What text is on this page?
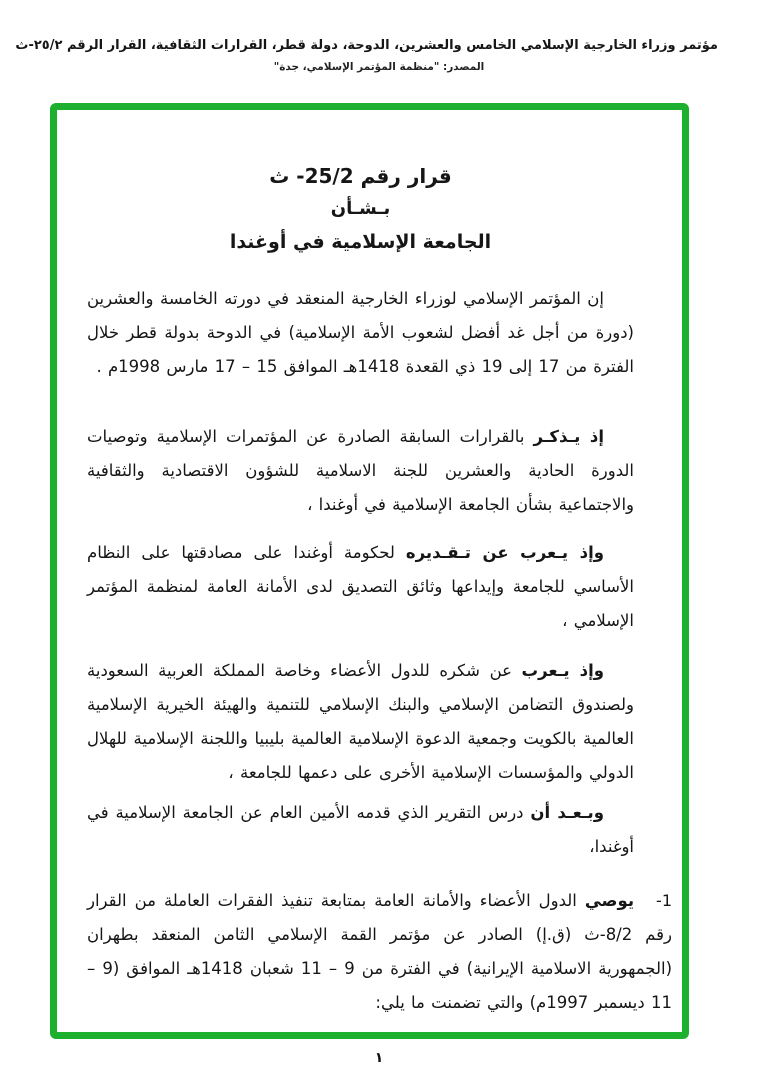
مؤتمر وزراء الخارجية الإسلامي الخامس والعشرين، الدوحة، دولة قطر، القرارات الثقافية، القرار الرقم ٢٥/٢-ث
المصدر: "منظمة المؤتمر الإسلامي، جدة"
قرار رقم 25/2- ث
بـشـأن
الجامعة الإسلامية في أوغندا

إن المؤتمر الإسلامي لوزراء الخارجية المنعقد في دورته الخامسة والعشرين (دورة من أجل غد أفضل لشعوب الأمة الإسلامية) في الدوحة بدولة قطر خلال الفترة من 17 إلى 19 ذي القعدة 1418هـ الموافق 15 – 17 مارس 1998م .

إذ يـذكـر بالقرارات السابقة الصادرة عن المؤتمرات الإسلامية وتوصيات الدورة الحادية والعشرين للجنة الاسلامية للشؤون الاقتصادية والثقافية والاجتماعية بشأن الجامعة الإسلامية في أوغندا ،

وإذ يـعرب عن تـقـديره لحكومة أوغندا على مصادقتها على النظام الأساسي للجامعة وإيداعها وثائق التصديق لدى الأمانة العامة لمنظمة المؤتمر الإسلامي ،

وإذ يـعرب عن شكره للدول الأعضاء وخاصة المملكة العربية السعودية ولصندوق التضامن الإسلامي والبنك الإسلامي للتنمية والهيئة الخيرية الإسلامية العالمية بالكويت وجمعية الدعوة الإسلامية العالمية بليبيا واللجنة الإسلامية للهلال الدولي والمؤسسات الإسلامية الأخرى على دعمها للجامعة ،

وبـعـد أن درس التقرير الذي قدمه الأمين العام عن الجامعة الإسلامية في أوغندا،

1-يوصي الدول الأعضاء والأمانة العامة بمتابعة تنفيذ الفقرات العاملة من القرار رقم 8/2-ث (ق.إ) الصادر عن مؤتمر القمة الإسلامي الثامن المنعقد بطهران (الجمهورية الاسلامية الإيرانية) في الفترة من 9 – 11 شعبان 1418هـ الموافق (9 – 11 ديسمبر 1997م) والتي تضمنت ما يلي:
١
